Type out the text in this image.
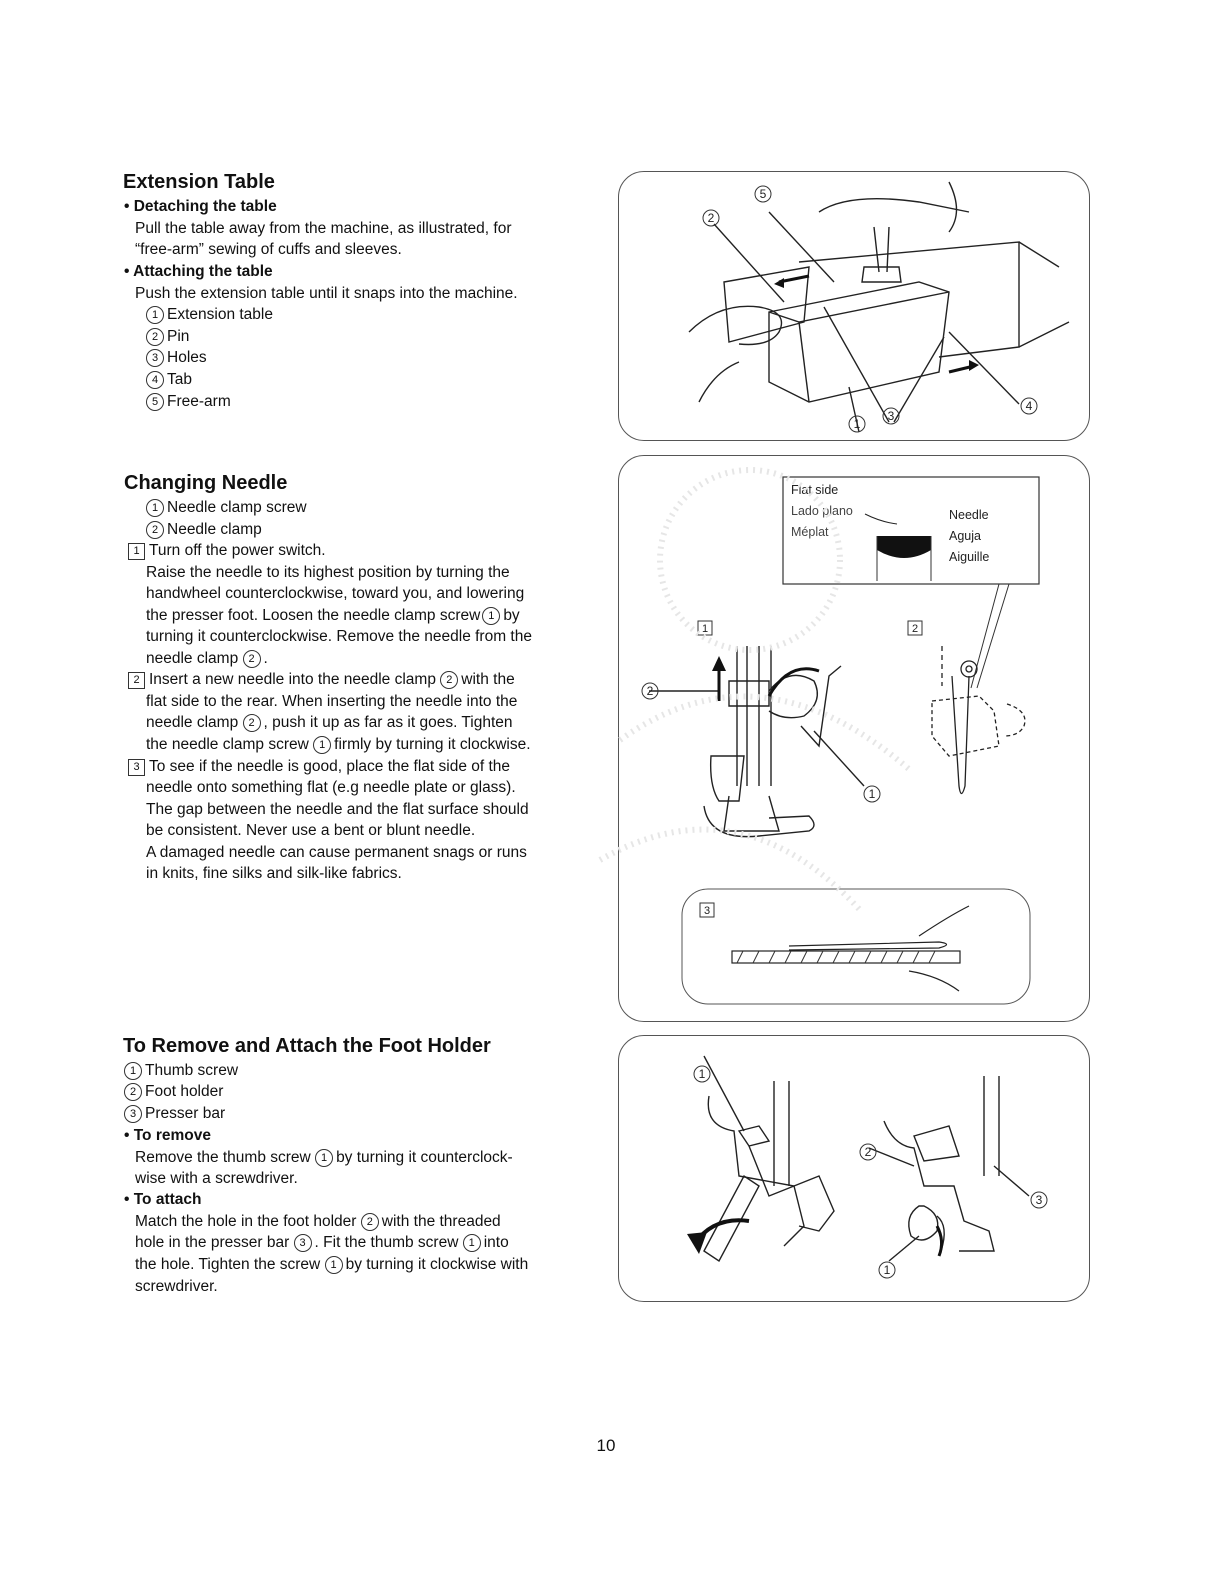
Extension Table
• Detaching the table
Pull the table away from the machine, as illustrated, for
“free-arm” sewing of cuffs and sleeves.
• Attaching the table
Push the extension table until it snaps into the machine.
1 Extension table
2 Pin
3 Holes
4 Tab
5 Free-arm
5
2
1
3
4
Changing Needle
1 Needle clamp screw
2 Needle clamp
1 Turn off the power switch.
Raise the needle to its highest position by turning the
handwheel counterclockwise, toward you, and lowering
the presser foot. Loosen the needle clamp screw 1 by
turning it counterclockwise. Remove the needle from the
needle clamp 2 .
2 Insert a new needle into the needle clamp 2 with the
flat side to the rear. When inserting the needle into the
needle clamp 2 , push it up as far as it goes. Tighten
the needle clamp screw 1 firmly by turning it clockwise.
3 To see if the needle is good, place the flat side of the
needle onto something flat (e.g needle plate or glass).
The gap between the needle and the flat surface should
be consistent. Never use a bent or blunt needle.
A damaged needle can cause permanent snags or runs
in knits, fine silks and silk-like fabrics.
Flat side
Lado plano
Méplat
Needle
Aguja
Aiguille
1	2
3
2
1
To Remove and Attach the Foot Holder
1 Thumb screw
2 Foot holder
3 Presser bar
• To remove
Remove the thumb screw 1 by turning it counterclock-
wise with a screwdriver.
• To attach
Match the hole in the foot holder 2 with the threaded
hole in the presser bar 3 . Fit the thumb screw 1 into
the hole. Tighten the screw 1 by turning it clockwise with
screwdriver.
1
2
3
1
10
